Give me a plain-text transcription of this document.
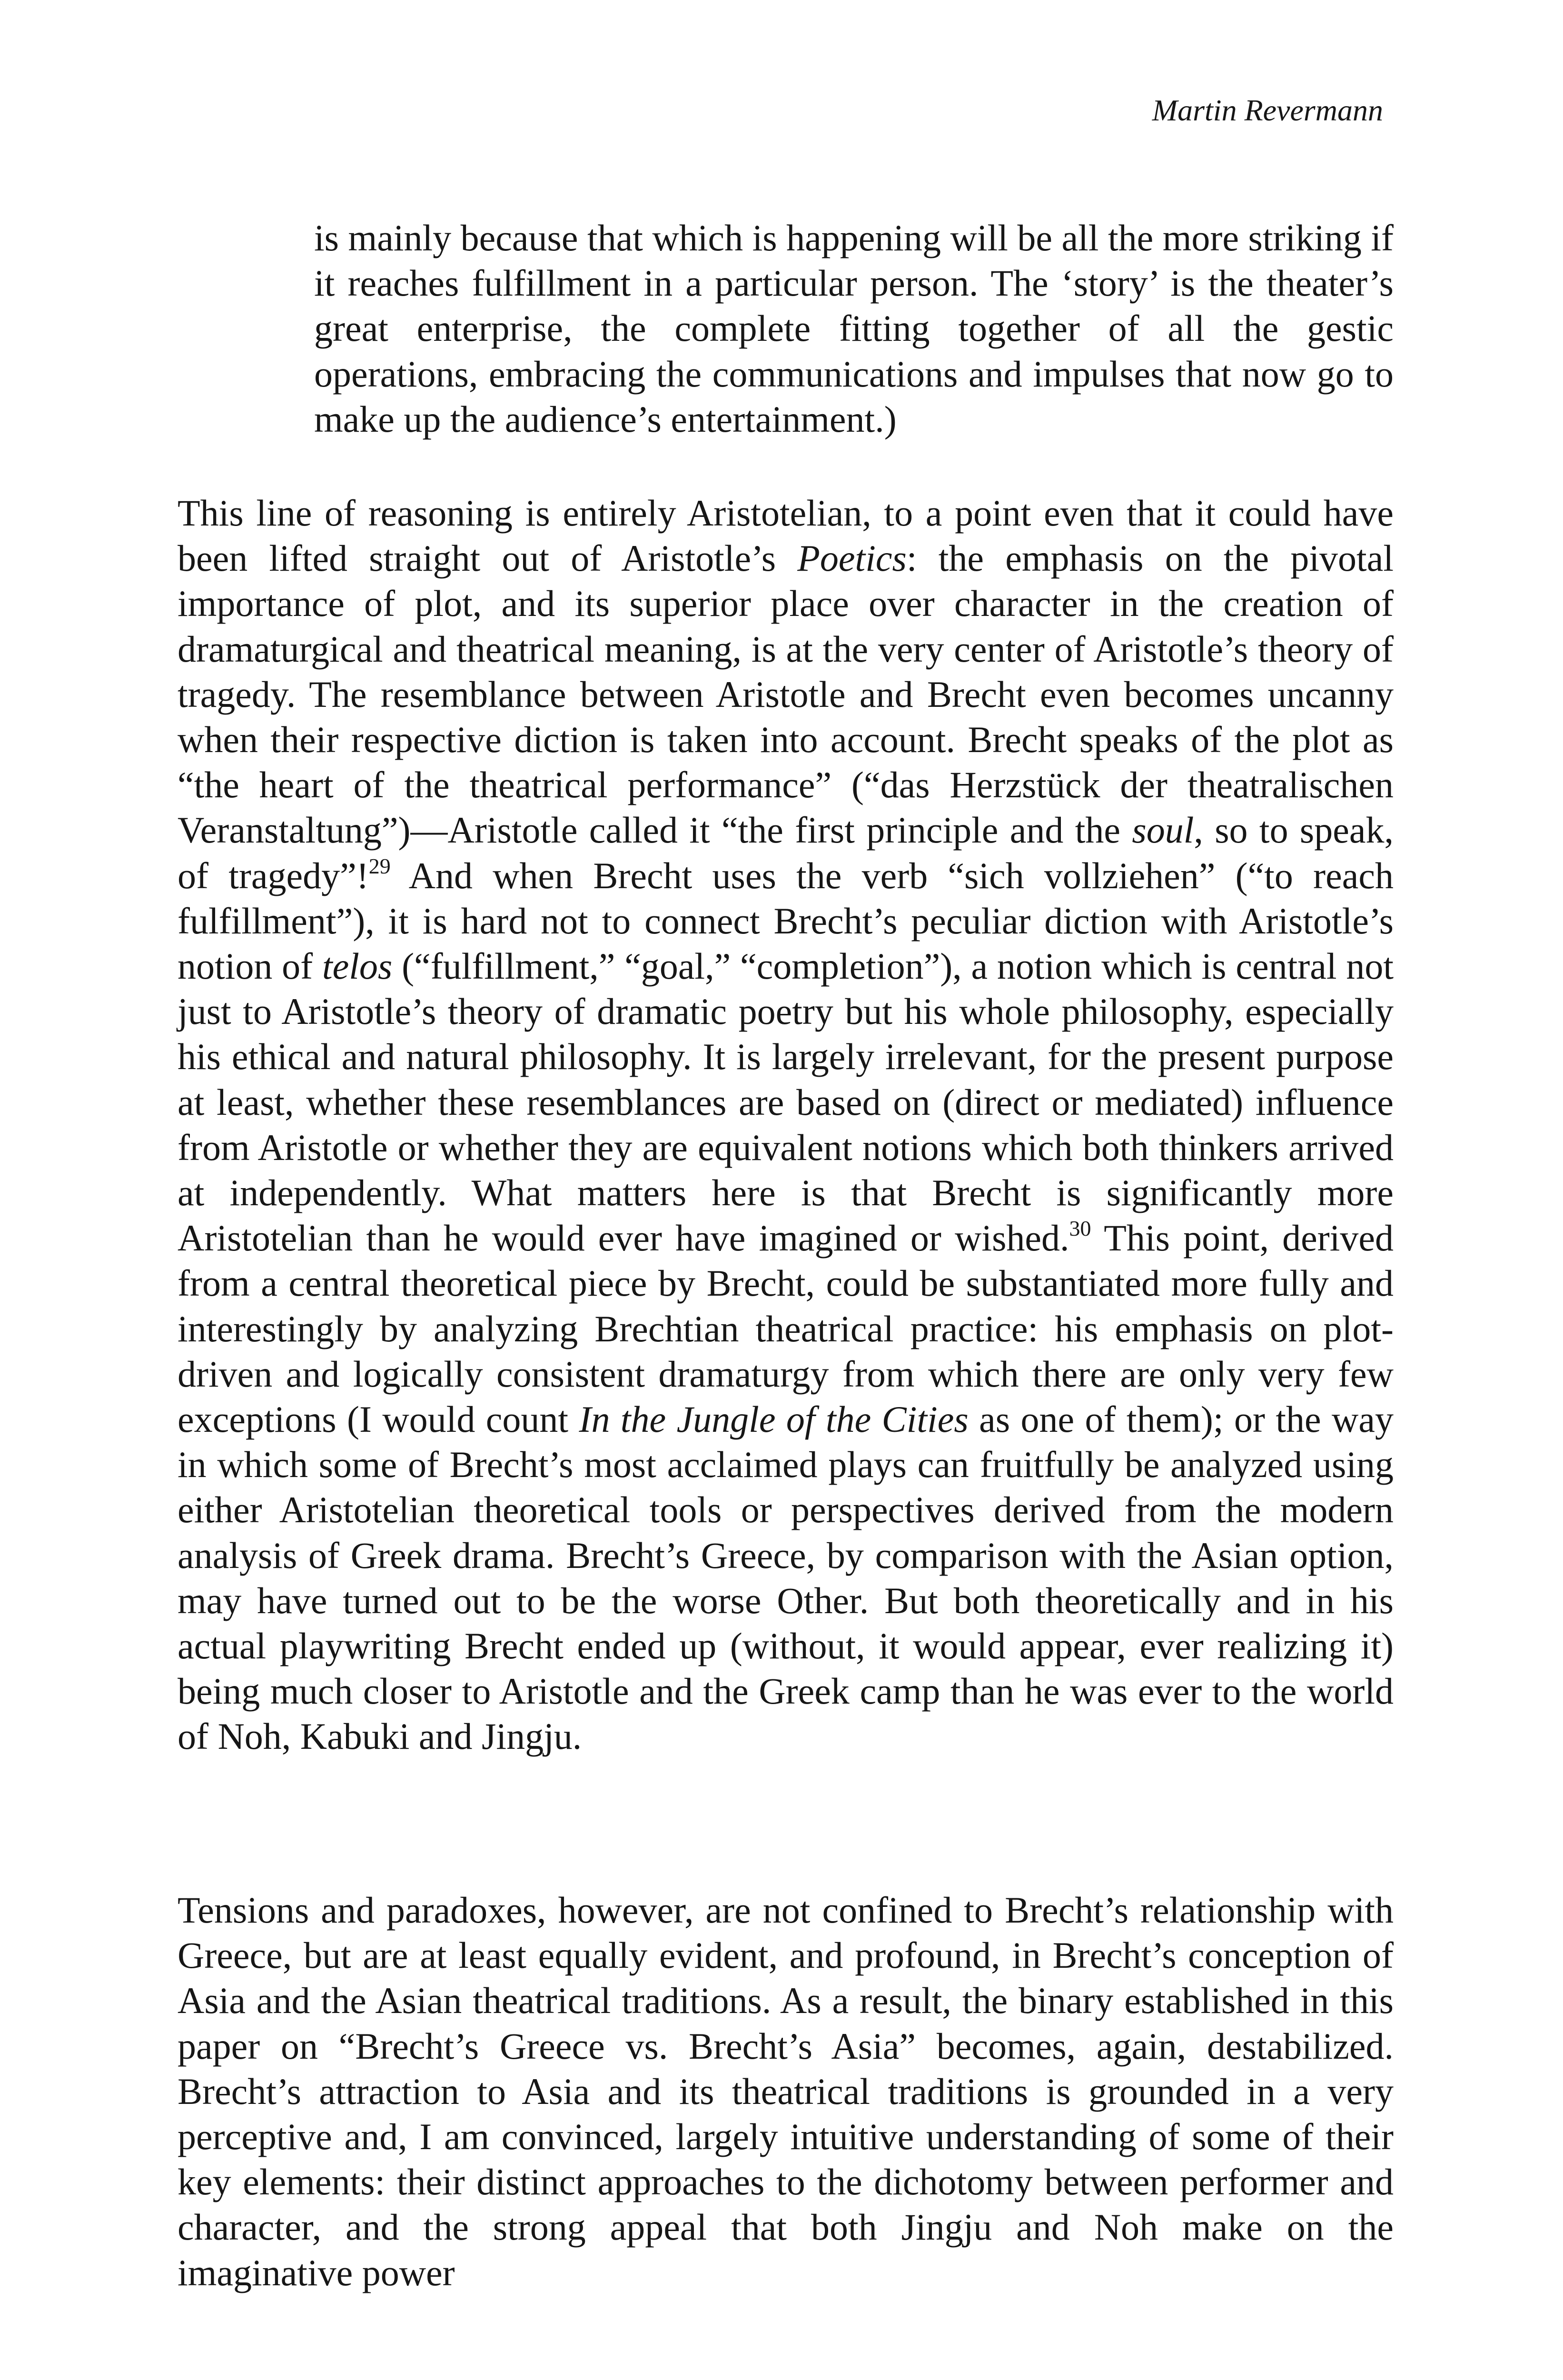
Martin Revermann

is mainly because that which is happening will be all the more striking if it reaches fulfillment in a particular person. The ‘story’ is the theater’s great enterprise, the complete fitting together of all the gestic operations, embracing the communications and impulses that now go to make up the audience’s entertainment.)

This line of reasoning is entirely Aristotelian, to a point even that it could have been lifted straight out of Aristotle’s Poetics: the emphasis on the pivotal importance of plot, and its superior place over character in the creation of dramaturgical and theatrical meaning, is at the very center of Aristotle’s theory of tragedy. The resemblance between Aristotle and Brecht even becomes uncanny when their respective diction is taken into account. Brecht speaks of the plot as “the heart of the theatrical performance” (“das Herzstück der theatralischen Veranstaltung”)—Aristotle called it “the first principle and the soul, so to speak, of tragedy”!$^{29}$ And when Brecht uses the verb “sich vollziehen” (“to reach fulfillment”), it is hard not to connect Brecht’s peculiar diction with Aristotle’s notion of telos (“fulfillment,” “goal,” “completion”), a notion which is central not just to Aristotle’s theory of dramatic poetry but his whole philosophy, especially his ethical and natural philosophy. It is largely irrelevant, for the present purpose at least, whether these resemblances are based on (direct or mediated) influence from Aristotle or whether they are equivalent notions which both thinkers arrived at independently. What matters here is that Brecht is significantly more Aristotelian than he would ever have imagined or wished.$^{30}$ This point, derived from a central theoretical piece by Brecht, could be substantiated more fully and interestingly by analyzing Brechtian theatrical practice: his emphasis on plot-driven and logically consistent dramaturgy from which there are only very few exceptions (I would count In the Jungle of the Cities as one of them); or the way in which some of Brecht’s most acclaimed plays can fruitfully be analyzed using either Aristotelian theoretical tools or perspectives derived from the modern analysis of Greek drama. Brecht’s Greece, by comparison with the Asian option, may have turned out to be the worse Other. But both theoretically and in his actual playwriting Brecht ended up (without, it would appear, ever realizing it) being much closer to Aristotle and the Greek camp than he was ever to the world of Noh, Kabuki and Jingju.

Tensions and paradoxes, however, are not confined to Brecht’s relationship with Greece, but are at least equally evident, and profound, in Brecht’s conception of Asia and the Asian theatrical traditions. As a result, the binary established in this paper on “Brecht’s Greece vs. Brecht’s Asia” becomes, again, destabilized. Brecht’s attraction to Asia and its theatrical traditions is grounded in a very perceptive and, I am convinced, largely intuitive understanding of some of their key elements: their distinct approaches to the dichotomy between performer and character, and the strong appeal that both Jingju and Noh make on the imaginative power
